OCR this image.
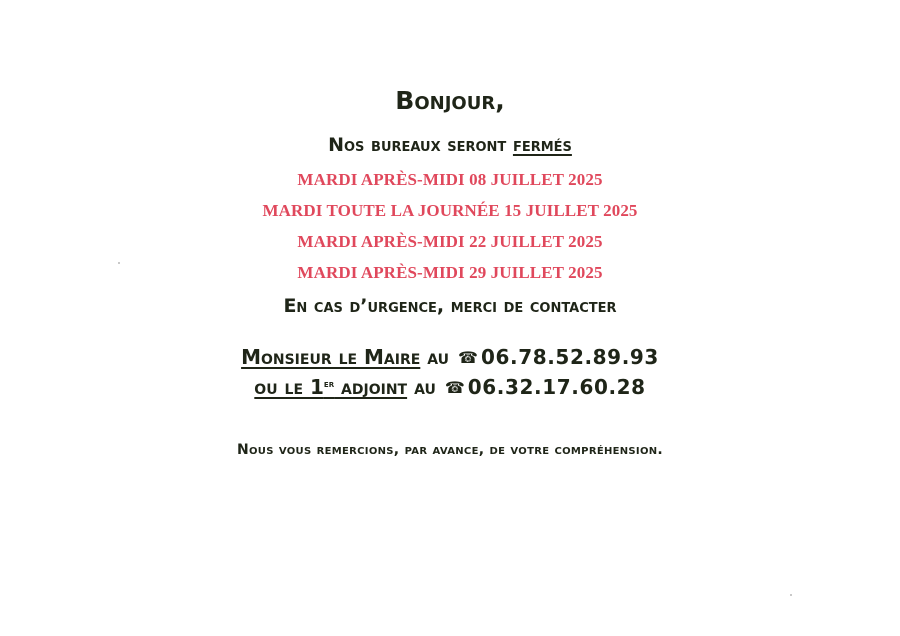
Bonjour,
Nos bureaux seront fermés
MARDI APRÈS-MIDI 08 JUILLET 2025
MARDI TOUTE LA JOURNÉE 15 JUILLET 2025
MARDI APRÈS-MIDI 22 JUILLET 2025
MARDI APRÈS-MIDI 29 JUILLET 2025
En cas d’urgence, merci de contacter
Monsieur le Maire au ☎ 06.78.52.89.93
ou le 1er adjoint au ☎ 06.32.17.60.28
Nous vous remercions, par avance, de votre compréhension.
